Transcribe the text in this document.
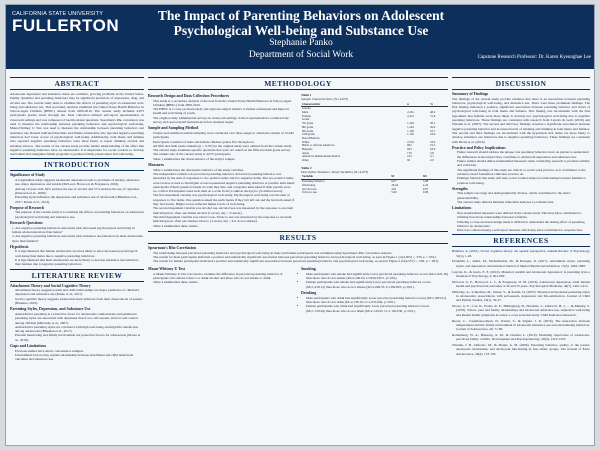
CALIFORNIA STATE UNIVERSITY
FULLERTON
The Impact of Parenting Behaviors on Adolescent
Psychological Well-being and Substance Use
Stephanie Panko
Department of Social Work	Capstone Research Professor: Dr. Karen Kyeunghae Lee
ABSTRACT

Adolescent depression and substance abuse are common, growing problems in the United States. Family dynamics and parenting behaviors may be significant predictors of depression, drug, and alcohol use. The current study aims to examine the effects of parenting style on adolescent well-being and substance use. This secondary analysis examined the United States Health Behavior in School-Aged Children (HBSC) dataset from 2009-2010. The current study included 4,675 participants grades seven through ten. Data collection utilized self-report questionnaires in classroom settings and was composed of health-related questions. Spearman's Rho correlation was used to measure the relationship between parenting behaviors and psychological well-being. Mann-Whitney U Test was used to measure the relationship between parenting behaviors and substance use. Results indicated that male and female adolescents who reported negative parenting behaviors had lower scores of psychological well-being. Additionally, both males and females who reported negative parenting behaviors were more likely to report drinking alcohol and smoking tobacco. The results of the current study provide further understanding of the effect that negative parenting behaviors have on adolescents. It is imperative for social workers to develop curriculum and strengthen family programs to promote family preservation and well-being.

INTRODUCTION
Significance of Study
• A longitudinal study suggests adolescent depression leads to problems of anxiety, substance use, major depression, and suicide (McLeod, Horwood, & Fergusson, 2016).
• Among 10-year-olds, 64% endorse the use of alcohol and 31% endorse the use of cigarettes (Donovan et al., 2009).
• Parenting styles influence the depression and substance use of adolescents (Bhushan et al., 2017; Parent et al., 2014).
Purpose of Research
• The purpose of the current study is to examine the effects of parenting behaviors on adolescent psychological well-being and substance use.
Research Questions
1. Are negative parenting behaviors associated with decreased psychological well-being in female adolescents more than males?
2. Are negative parenting behaviors associated with substance use behaviors in male adolescents more than females?
Hypothesis
• It is hypothesized that female adolescents are more likely to have decreased psychological well-being than males due to negative parenting behaviors.
• It is hypothesized that male adolescents are more likely to develop substance use behaviors than females due to negative parenting behaviors.
LITERATURE REVIEW
Attachment Theory and Social Cognitive Theory
• Attachment theory suggests parent and child relationships are major predictors of children's depression and substance use (Panko et al., 2017).
• Social cognitive theory suggests adolescents learn behavior from their observations of parents (Bandura, 2001).
Parenting Styles, Depression, and Substance Use
• Authoritative parenting is a protective factor for adolescents; authoritarian and permissive parenting styles are associated with depressed mood, low self-esteem, and low self-control among children (Milevsky et al., 2007).
• Authoritative parenting styles are correlated with high well-being and high life satisfaction among adolescents (Bhushan et al., 2017).
• Parental monitoring and family involvement are protective factors for adolescents (Moore et al., 2018).
Gaps and Limitations
• Previous studies have small, convenience samples.
• Unexamined factors may explain relationship between attachment and child behavioral outcomes and substance use.
METHODOLOGY
Research Design and Data Collection Procedures
• This study is a secondary analysis of the data from the United States Health Behavior in School-Aged Children (HBSC) from 2009-2010.
• The HBSC is a cross-sectional study and explores subject matters to further understand and improve health and well-being of youth.
• The original study administered surveys in classroom settings. School representatives conducted the survey and read scripted instructions before students began.
Sample and Sampling Method
• Cluster and stratified random sampling were conducted over three stages to obtain the sample of 12,642 participants.
• Participants consisted of male and female children grades five through ten.
• All fifth and sixth grade students (n = 3,767) in the original study were omitted from the current study. The current study examines specific questions that were not asked on the fifth and sixth grade survey. The sample size of the current study is 4,675 participants.
• Table 1 summarizes the characteristics of the study's sample.
Measures
• Table 2 summarizes the descriptive statistics of the study variables.
• The independent variable was perceived parenting behavior. Perceived parenting behavior was measured by the sum of responses to two positive items and two negative items. The two positive items were reverse scored so that higher scores represented negative parenting behavior. A positive item asked participants if their parents let them do what they like, and a negative item asked if their parents were too critical. Participants rated each item on a scale from (1=almost always) to (5=almost never).
• The first dependent variable was psychological well-being. Psychological well-being was the sum of responses to five items. One question asked the participants if they felt left out and the last item asked if they feel lonely. Higher scores reflected higher levels of well-being.
• The second dependent variable was alcohol use. Alcohol use was measured by the response to one item indicating how often one drinks alcohol (1=every day ~ 5=never).
• The third dependent variable was tobacco use. Tobacco use was measured by the response to one item indicating how often one smokes tobacco (1=every day ~ 6=I do not smoke).
• Table 4 summarizes these results.
Table 1
Sample Characteristics (N=4,675)
Characteristic	n	%
Gender		
Male	2,261	48.4
Female	2,414	51.6
Grade		
7th grade	1,220	26.1
8th grade	1,244	26.6
9th grade	1,109	23.7
10th grade	1,102	23.6
Race/Ethnicity		
White	2,519	53.9
Black or African American	902	19.3
Hispanic	843	18.0
Asian	176	3.8
American Indian/Alaska Native	143	3.1
Other	92	2.0
Table 2
Descriptive Statistics: Study Variables (N=4,675)
Variable	M	SD
Parenting behavior	9.07	3.08
Well-being	18.44	4.42
Alcohol use	4.61	0.97
Tobacco use	5.69	0.98
RESULTS
Spearman's Rho Correlation
• The relationship between perceived parenting behaviors and psychological well-being in male and female participants was examined using Spearman's Rho correlation analysis.
• The results for male participants indicated a positive and statistically significant association between perceived parenting behavior and psychological well-being, as seen in Figure 1 (rs(4,505) = .335, p < .001).
• The results for female participants indicated a positive and statistically significant association between perceived parenting behavior and psychological well-being, as seen in Figure 2 (rs(4,557) = .256, p < .001).
Mann-Whitney U Test
• A Mann-Whitney U Test was used to examine the difference in perceived parenting behavior of participants who smoke tobacco or drink alcohol and those who do not smoke or drink.
• Table 4 summarizes these results.
Smoking
• Male participants who smoke had significantly lower perceived parenting behavior scores (M=1,922.16) than those who do not smoke (M=2,100.63, U=959,320.5, p<.001).
• Female participants who smoke had significantly lower perceived parenting behavior scores (M=1,618.15) than those who do not smoke (M=2,099.33, U=582,803, p<.001).
Drinking
• Male participants who drink had significantly lower perceived parenting behavior scores (M=1,893.21) than those who do not drink (M=2,138.10, U=1,031,694, p<.001).
• Female participants who drink had significantly lower perceived parenting behavior scores (M=1,729.26) than those who do not drink (M=2,145.93, U=1,192,630, p<.001).
DISCUSSION
Summary of Findings

The findings of the current study provide evidence that there is an association between parenting behaviors, psychological well-being, and substance use. There were three prominent findings. The first finding indicated a positive, significant association between parenting behavior and levels of psychological well-being in both males and females. This finding was inconsistent with the first hypothesis that females were more likely to develop low psychological well-being due to negative parenting behaviors. These findings are consistent with research from Luyckx & Goris (2010) and Wissink et al. (2007). The second and third key findings revealed a significant association between negative parenting behavior and increased levels of smoking and drinking in both males and females. The second and third findings are inconsistent with the hypothesis that males are more likely to develop substance use behaviors due to negative parenting behaviors. These findings are consistent with Rioux et al. (2016).

Practice and Policy Implications
• Future research should address the unique role parenting behaviors have on gender to understand the differences in the impact they contribute to adolescent depression and substance use.
• Future studies should utilize standardized measures when conducting research to promote reliable and valid data.
• The significant findings of this study are critical to social work practice, as it contributes to the evidence-based foundation clinicians practice on.
• Findings found in this study will help social workers improve relationships between families to promote well-being.
Strengths
• This sample was large and demographically diverse, which contributed to the data's generalizability.
• The current study utilized multiple inferential analyses to evaluate data.
Limitations
• Non-standardized measures were utilized in the current study. This may have contributed to inflating inaccurate relationships between variables.
• Utilizing a cross-sectional design made it difficult to understand the lasting effect of parenting behavior on adolescents.
• Data was collected using a self-report measure which may have contributed to response bias.
REFERENCES

Bandura, A. (2001). Social cognitive theory: An agentic perspective. Annual Review of Psychology, 52(1), 1-26.

Ebrahimi, L., Amiri, M., Mohamadlou, M., & Rezapur, R. (2017). Attachment styles, parenting styles, and depression. International Journal of Mental Health and Addiction, 15(5), 1064-1068.

Luyckx, K., & Goris, E. E. (2010). Maternal warmth and adolescent depression: Is parenting style a moderator? Psychology, 4, 601-609.

McLeod, G. F., Horwood, L. J., & Fergusson, D. M. (2016). Adolescent depression, adult mental health and psychosocial outcomes at 30 and 35 years. Psychological Medicine, 46(7), 1401-1412.

Milevsky, A., Schlechter, M., Netter, S., & Keehn, D. (2007). Maternal and paternal parenting styles in adolescents: Associations with self-esteem, depression and life-satisfaction. Journal of Child and Family Studies, 16(1), 39-47.

Moore, G. F., Cox, R., Evans, R. E., Hallingberg, B., Hawkins, J., Littlecott, H. J., ... & Murphy, S. (2018). School, peer and family relationships and adolescent substance use, subjective well-being and mental health symptoms in wales: a cross sectional study. Child Indicators Research.

Rioux, C., Castellanos-Ryan, N., Parent, S., & Séguin, J. R. (2016). The interaction between temperament and the family environment in adolescent substance use and externalizing behaviors. Journal of Adolescence, 49, 71-80.

Rothenberg, W. A., Hussong, A. M., & Chassin, L. (2016). Modeling trajectories of adolescent-perceived family conflict. Development and Psychopathology, 28(4), 1219-1233.

Wissink, I. B., Dekovic, M., & Meijer, A. M. (2006). Parenting behavior, quality of the parent-adolescent relationship, and adolescent functioning in four ethnic groups. The Journal of Early Adolescence, 26(2), 133-159.
